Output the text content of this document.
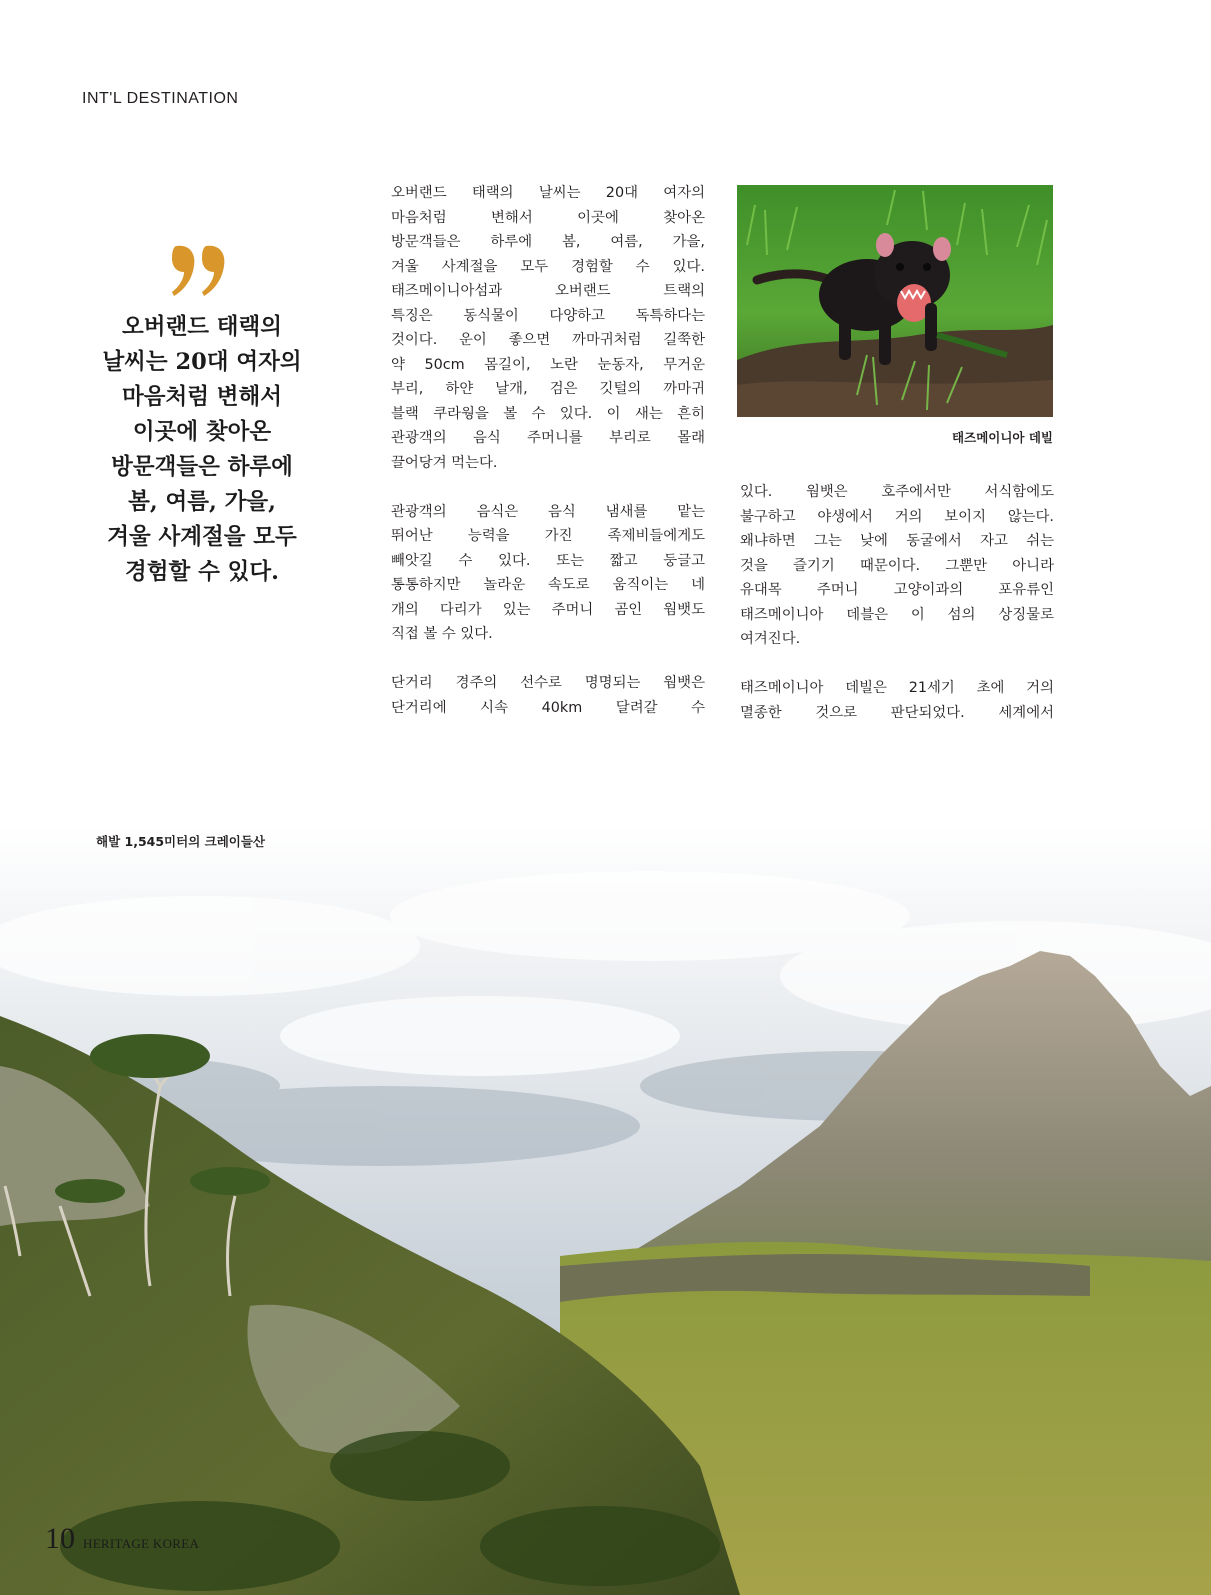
INT'L DESTINATION
오버랜드 태랙의
날씨는 20대 여자의
마음처럼 변해서
이곳에 찾아온
방문객들은 하루에
봄, 여름, 가을,
겨울 사계절을 모두
경험할 수 있다.

오버랜드 태랙의 날씨는 20대 여자의
마음처럼 변해서 이곳에 찾아온
방문객들은 하루에 봄, 여름, 가을,
겨울 사계절을 모두 경험할 수 있다.
태즈메이니아섬과 오버랜드 트랙의
특징은 동식물이 다양하고 독특하다는
것이다. 운이 좋으면 까마귀처럼 길쭉한
약 50cm 몸길이, 노란 눈동자, 무거운
부리, 하얀 날개, 검은 깃털의 까마귀
블랙 쿠라웡을 볼 수 있다. 이 새는 흔히
관광객의 음식 주머니를 부리로 몰래
끌어당겨 먹는다.

관광객의 음식은 음식 냄새를 맡는
뛰어난 능력을 가진 족제비들에게도
빼앗길 수 있다. 또는 짧고 둥글고
통통하지만 놀라운 속도로 움직이는 네
개의 다리가 있는 주머니 곰인 웜뱃도
직접 볼 수 있다.

단거리 경주의 선수로 명명되는 웜뱃은
단거리에 시속 40km 달려갈 수

태즈메이니아 데빌

있다. 웜뱃은 호주에서만 서식함에도
불구하고 야생에서 거의 보이지 않는다.
왜냐하면 그는 낮에 동굴에서 자고 쉬는
것을 즐기기 때문이다. 그뿐만 아니라
유대목 주머니 고양이과의 포유류인
태즈메이니아 데블은 이 섬의 상징물로
여겨진다.

태즈메이니아 데빌은 21세기 초에 거의
멸종한 것으로 판단되었다. 세계에서

해발 1,545미터의 크레이들산
10 HERITAGE KOREA
